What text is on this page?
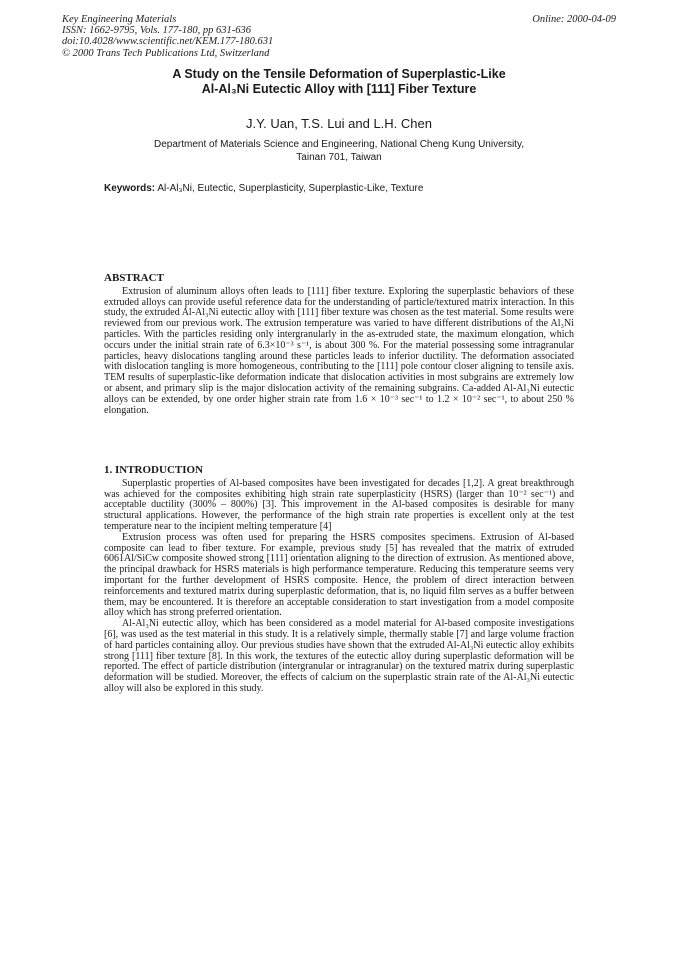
Key Engineering Materials
ISSN: 1662-9795, Vols. 177-180, pp 631-636
doi:10.4028/www.scientific.net/KEM.177-180.631
© 2000 Trans Tech Publications Ltd, Switzerland
Online: 2000-04-09
A Study on the Tensile Deformation of Superplastic-Like
Al-Al₃Ni Eutectic Alloy with [111] Fiber Texture
J.Y. Uan, T.S. Lui and L.H. Chen
Department of Materials Science and Engineering, National Cheng Kung University,
Tainan 701, Taiwan
Keywords: Al-Al₃Ni, Eutectic, Superplasticity, Superplastic-Like, Texture
ABSTRACT

Extrusion of aluminum alloys often leads to [111] fiber texture. Exploring the superplastic behaviors of these extruded alloys can provide useful reference data for the understanding of particle/textured matrix interaction. In this study, the extruded Al-Al₃Ni eutectic alloy with [111] fiber texture was chosen as the test material. Some results were reviewed from our previous work. The extrusion temperature was varied to have different distributions of the Al₃Ni particles. With the particles residing only intergranularly in the as-extruded state, the maximum elongation, which occurs under the initial strain rate of 6.3×10⁻³ s⁻¹, is about 300 %. For the material possessing some intragranular particles, heavy dislocations tangling around these particles leads to inferior ductility. The deformation associated with dislocation tangling is more homogeneous, contributing to the [111] pole contour closer aligning to tensile axis. TEM results of superplastic-like deformation indicate that dislocation activities in most subgrains are extremely low or absent, and primary slip is the major dislocation activity of the remaining subgrains. Ca-added Al-Al₃Ni eutectic alloys can be extended, by one order higher strain rate from 1.6 × 10⁻³ sec⁻¹ to 1.2 × 10⁻² sec⁻¹, to about 250 % elongation.

1. INTRODUCTION

Superplastic properties of Al-based composites have been investigated for decades [1,2]. A great breakthrough was achieved for the composites exhibiting high strain rate superplasticity (HSRS) (larger than 10⁻² sec⁻¹) and acceptable ductility (300% – 800%) [3]. This improvement in the Al-based composites is desirable for many structural applications. However, the performance of the high strain rate properties is excellent only at the test temperature near to the incipient melting temperature [4]

Extrusion process was often used for preparing the HSRS composites specimens. Extrusion of Al-based composite can lead to fiber texture. For example, previous study [5] has revealed that the matrix of extruded 6061Al/SiCw composite showed strong [111] orientation aligning to the direction of extrusion. As mentioned above, the principal drawback for HSRS materials is high performance temperature. Reducing this temperature seems very important for the further development of HSRS composite. Hence, the problem of direct interaction between reinforcements and textured matrix during superplastic deformation, that is, no liquid film serves as a buffer between them, may be encountered. It is therefore an acceptable consideration to start investigation from a model composite alloy which has strong preferred orientation.

Al-Al₃Ni eutectic alloy, which has been considered as a model material for Al-based composite investigations [6], was used as the test material in this study. It is a relatively simple, thermally stable [7] and large volume fraction of hard particles containing alloy. Our previous studies have shown that the extruded Al-Al₃Ni eutectic alloy exhibits strong [111] fiber texture [8]. In this work, the textures of the eutectic alloy during superplastic deformation will be reported. The effect of particle distribution (intergranular or intragranular) on the textured matrix during superplastic deformation will be studied. Moreover, the effects of calcium on the superplastic strain rate of the Al-Al₃Ni eutectic alloy will also be explored in this study.
